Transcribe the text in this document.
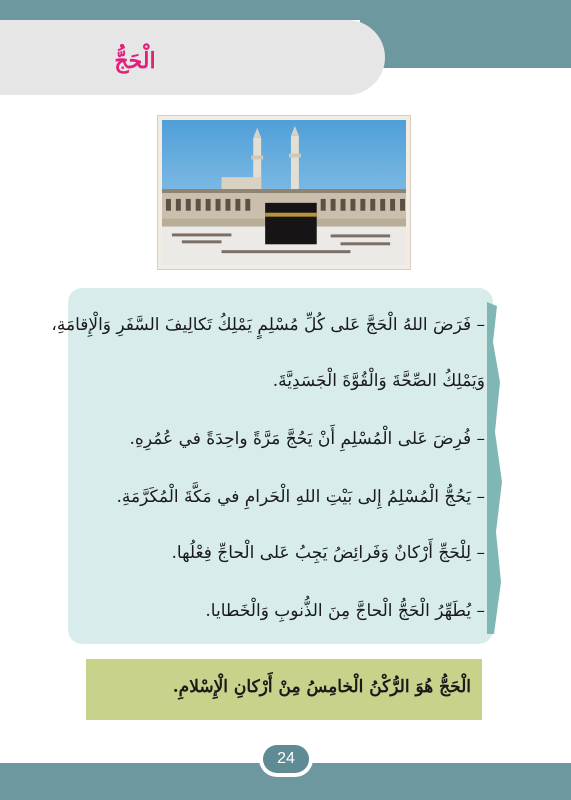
الْحَجُّ
– فَرَضَ اللهُ الْحَجَّ عَلى كُلِّ مُسْلِمٍ يَمْلِكُ تَكالِيفَ السَّفَرِ وَالْإِقامَةِ،
وَيَمْلِكُ الصِّحَّةَ وَالْقُوَّةَ الْجَسَدِيَّةَ.
– فُرِضَ عَلى الْمُسْلِمِ أَنْ يَحُجَّ مَرَّةً واحِدَةً في عُمُرِهِ.
– يَحُجُّ الْمُسْلِمُ إِلى بَيْتِ اللهِ الْحَرامِ في مَكَّةَ الْمُكَرَّمَةِ.
– لِلْحَجِّ أَرْكانٌ وَفَرائِضُ يَجِبُ عَلى الْحاجِّ فِعْلُها.
– يُطَهِّرُ الْحَجُّ الْحاجَّ مِنَ الذُّنوبِ وَالْخَطايا.
الْحَجُّ هُوَ الرُّكْنُ الْخامِسُ مِنْ أَرْكانِ الْإِسْلامِ.
24
